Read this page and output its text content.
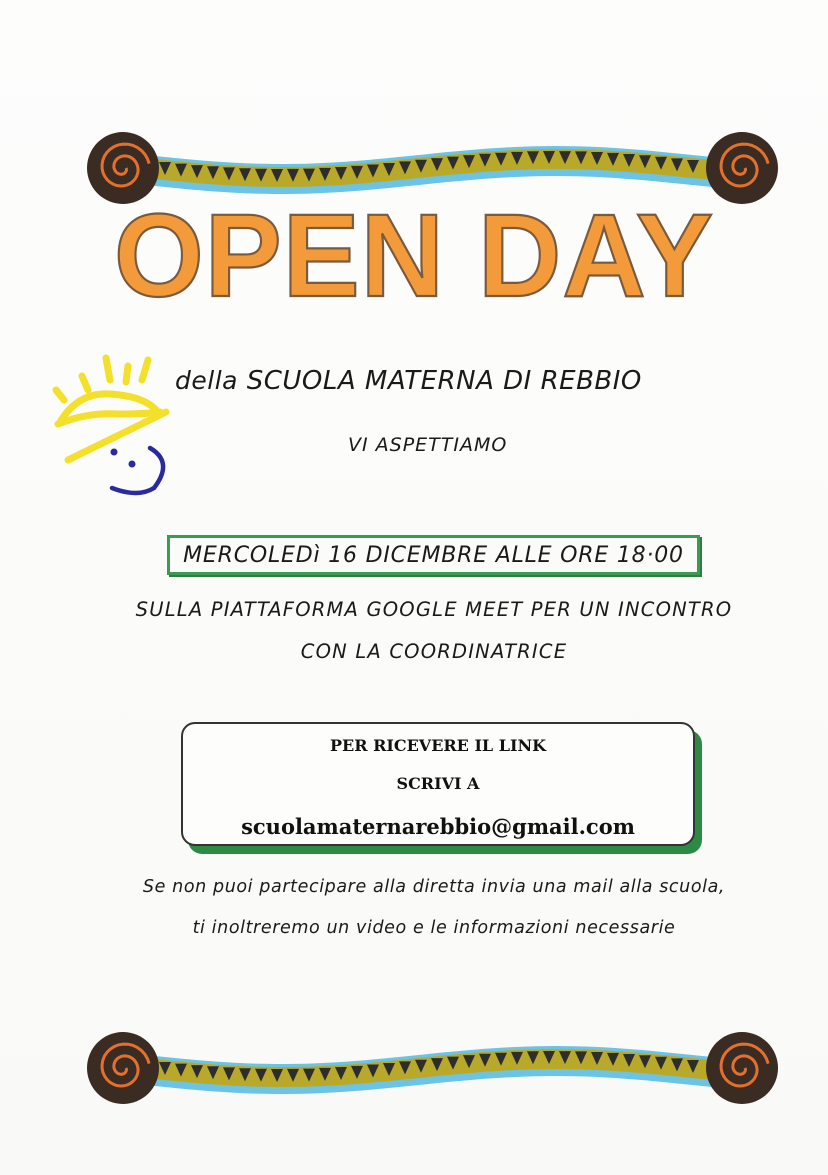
OPEN DAY
della SCUOLA MATERNA DI REBBIO
VI ASPETTIAMO
MERCOLEDì 16 DICEMBRE ALLE ORE 18·00
SULLA PIATTAFORMA GOOGLE MEET PER UN INCONTRO
CON LA COORDINATRICE
PER RICEVERE IL LINK
SCRIVI A
scuolamaternarebbio@gmail.com
Se non puoi partecipare alla diretta invia una mail alla scuola,
ti inoltreremo un video e le informazioni necessarie
